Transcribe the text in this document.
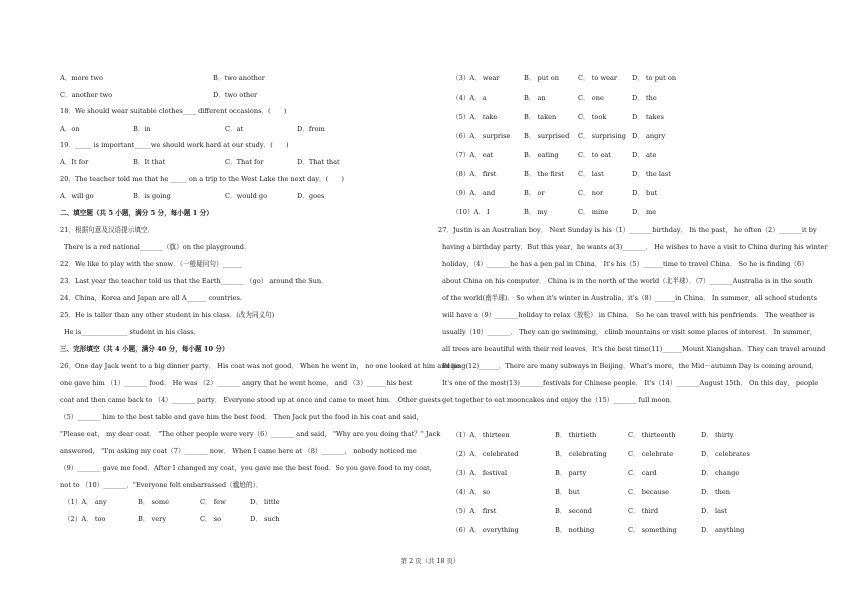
A．more two	B．two another
C．another two	D．two other
18．We should wear suitable clothes____ different occasions．(　　)
A．on	B．in	C．at	D．from
19．_____ is important_____we should work hard at our study．(　　)
A．It for	B．It that	C．That for	D．That that
20．The teacher told me that he _____ on a trip to the West Lake the next day．(　　)
A．will go	B．is going	C．would go	D．goes
二、填空题（共 5 小题，满分 5 分，每小题 1 分）
21．根据句意及汉语提示填空．
There is a red national_______（旗）on the playground．
22．We like to play with the snow．（一般疑问句）______
23．Last year the teacher told us that the Earth_______ （go） around the Sun．
24．China，Korea and Japan are all A______ countries.
25．He is taller than any other student in his class．(改为同义句)
He is______________ student in his class．
三、完形填空（共 4 小题，满分 40 分，每小题 10 分）
26．One day Jack went to a big dinner party． His coat was not good． When he went in， no one looked at him and no
one gave him （1）_______ food． He was （2）_______ angry that he went home， and （3）______his best
coat and then came back to （4）_______ party． Everyone stood up at once and came to meet him． Other guests
（5）_______ him to the best table and gave him the best food． Then Jack put the food in his coat and said，
"Please eat， my dear coat． "The other people were very（6）_______ and said， "Why are you doing that？" Jack
answered， "I'm asking my coat（7）_______ now． When I came here at （8）_______， nobody noticed me
（9）_______ gave me food．After I changed my coat，you gave me the best food．So you gave food to my coat，
not to （10）_______．"Everyone felt embarrassed（尴尬的）．
（1）A． any	B． some	C． few	D． little
（2）A． too	B． very	C． so	D． such
（3）A． wear	B． put on	C． to wear D． to put on
（4）A． a	B． an	C． one	D． the
（5）A． take	B． taken	C． took	D． takes
（6）A． surprise B． surprised C． surprising D． angry
（7）A． eat	B． eating	C． to eat	D． ate
（8）A． first	B． the first C． last	D． the last
（9）A． and	B． or	C． nor	D． but
（10）A． I	B． my	C． mine	D． me
27．Justin is an Australian boy． Next Sunday is his（1）_______birthday． In the past， he often（2）_______it by
having a birthday party．But this year，he wants a(3)_______． He wishes to have a visit to China during his winter
holiday，（4）_______he has a pen pal in China． It's his（5）______time to travel China． So he is finding（6）
about China on his computer． China is in the north of the world（北半球）．（7）_______Australia is in the south
of the world(南半球)． So when it's winter in Australia，it's（8）______in China． In summer，all school students
will have a（9）_______holiday to relax（放松） in China． So he can travel with his penfriends． The weather is
usually（10）_______． They can go swimming， climb mountains or visit some places of interest． In summer，
all trees are beautiful with their red leaves．It's the best time(11)______Mount Xiangshan．They can travel around
Beijing(12)______．There are many subways in Beijing．What's more，the Mid－autumn Day is coming around．
It's one of the most(13)_______festivals for Chinese people． It's（14）_______August 15th． On this day， people
get together to eat mooncakes and enjoy the（15）_______ full moon．
（1）A． thirteen	B． thirtieth	C． thirteenth	D． thirty
（2）A． celebrated	B． celebrating	C． celebrate	D． celebrates
（3）A． festival	B． party	C． card	D． change
（4）A． so	B． but	C． because	D． then
（5）A． first	B． second	C． third	D． last
（6）A． everything	B． nothing	C． something	D． anything
第 2 页（共 18 页）
